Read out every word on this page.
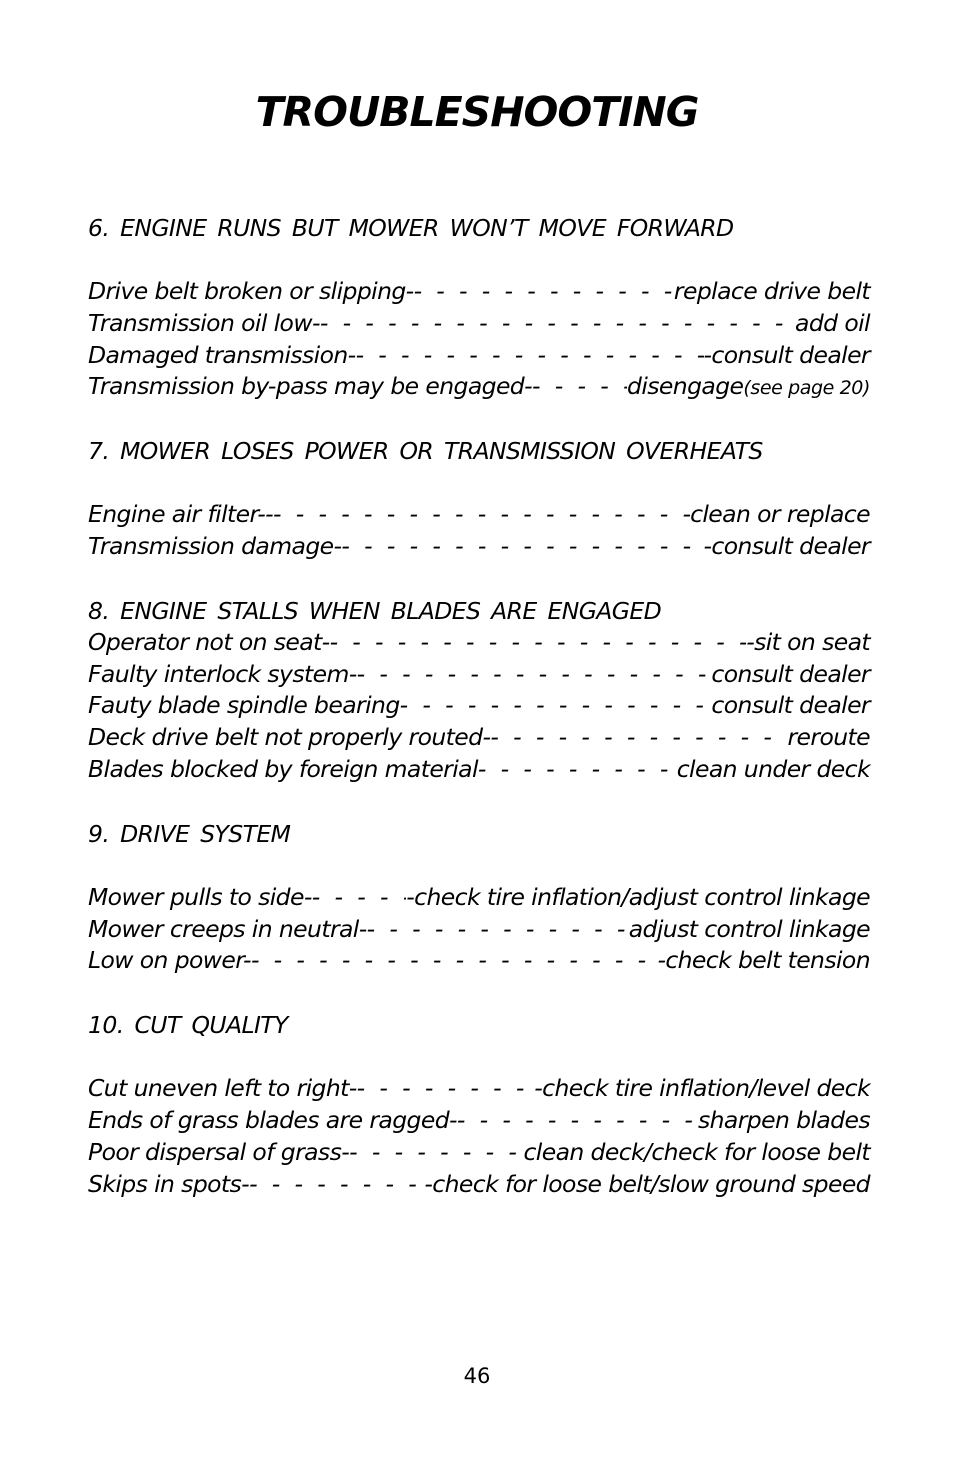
TROUBLESHOOTING
6. ENGINE RUNS BUT MOWER WON’T MOVE FORWARD
Drive belt broken or slipping- - - -	replace drive belt
Transmission oil low- - - -	add oil
Damaged transmission- - - -	-consult dealer
Transmission by-pass may be engaged- - - -	disengage(see page 20)
7. MOWER LOSES POWER OR TRANSMISSION OVERHEATS
Engine air filter-- - - -	clean or replace
Transmission damage- - - -	-consult dealer
8. ENGINE STALLS WHEN BLADES ARE ENGAGED
Operator not on seat- - - -	-sit on seat
Faulty interlock system- - - -	consult dealer
Fauty blade spindle bearing - - -	consult dealer
Deck drive belt not properly routed- - - -	reroute
Blades blocked by foreign material - - -	clean under deck
9. DRIVE SYSTEM
Mower pulls to side- - - -	-check tire inflation/adjust control linkage
Mower creeps in neutral- - - -	adjust control linkage
Low on power- - - -	-check belt tension
10. CUT QUALITY
Cut uneven left to right- - - -	-check tire inflation/level deck
Ends of grass blades are ragged- - - -	sharpen blades
Poor dispersal of grass- - - -	clean deck/check for loose belt
Skips in spots- - - -	-check for loose belt/slow ground speed
46
